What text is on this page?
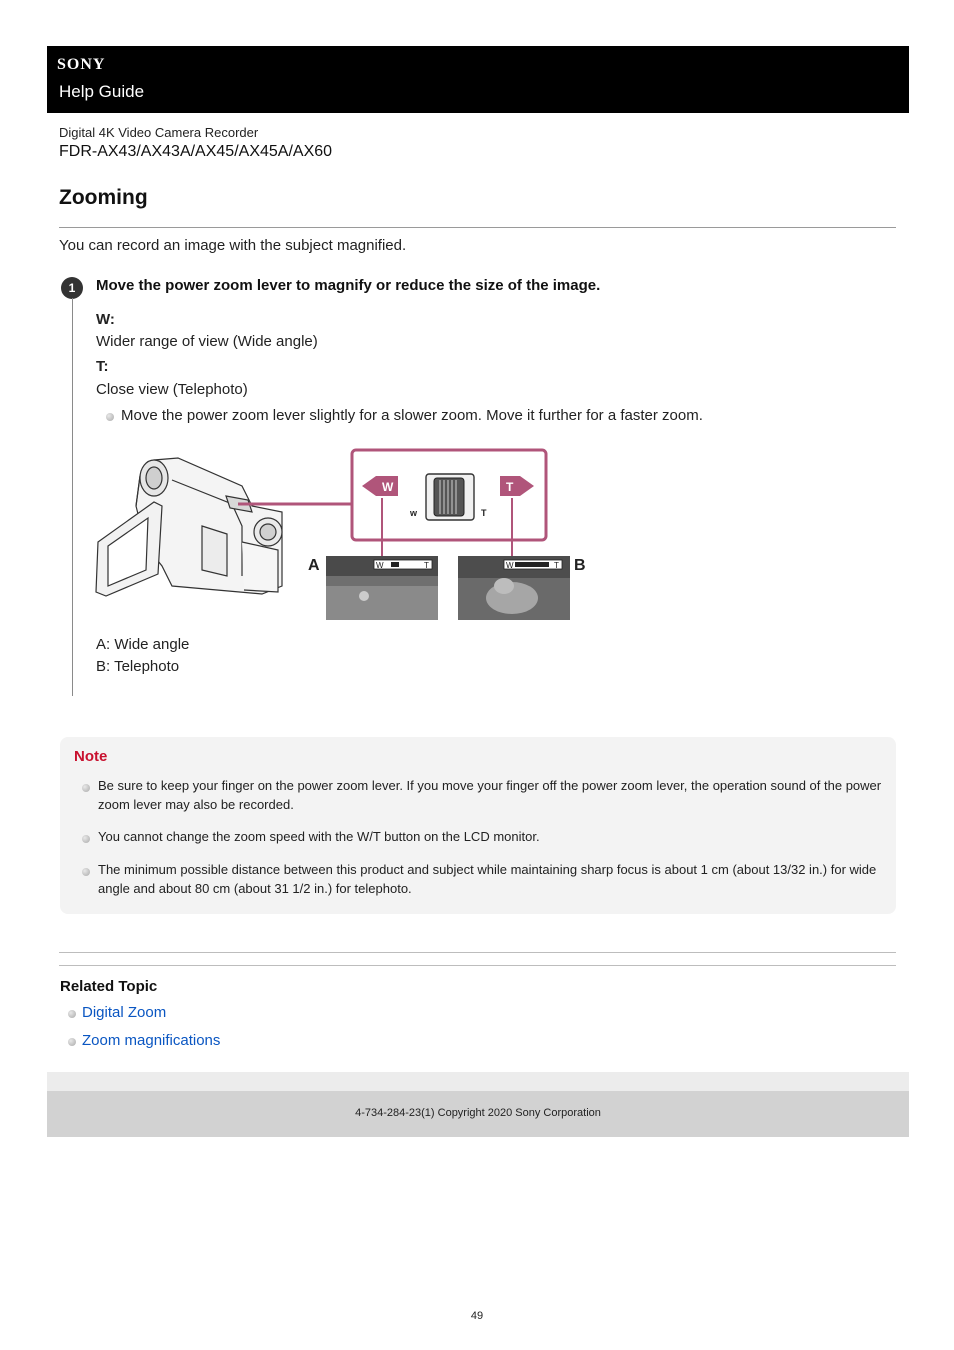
SONY
Help Guide
Digital 4K Video Camera Recorder
FDR-AX43/AX43A/AX45/AX45A/AX60
Zooming
You can record an image with the subject magnified.
1	Move the power zoom lever to magnify or reduce the size of the image.
W:
Wider range of view (Wide angle)
T:
Close view (Telephoto)
Move the power zoom lever slightly for a slower zoom. Move it further for a faster zoom.
W	T
w	T
A	W	T	W	T B
A: Wide angle
B: Telephoto
Note
Be sure to keep your finger on the power zoom lever. If you move your finger off the power zoom lever, the operation sound of the power zoom lever may also be recorded.
You cannot change the zoom speed with the W/T button on the LCD monitor.
The minimum possible distance between this product and subject while maintaining sharp focus is about 1 cm (about 13/32 in.) for wide angle and about 80 cm (about 31 1/2 in.) for telephoto.
Related Topic
Digital Zoom
Zoom magnifications
4-734-284-23(1) Copyright 2020 Sony Corporation
49
